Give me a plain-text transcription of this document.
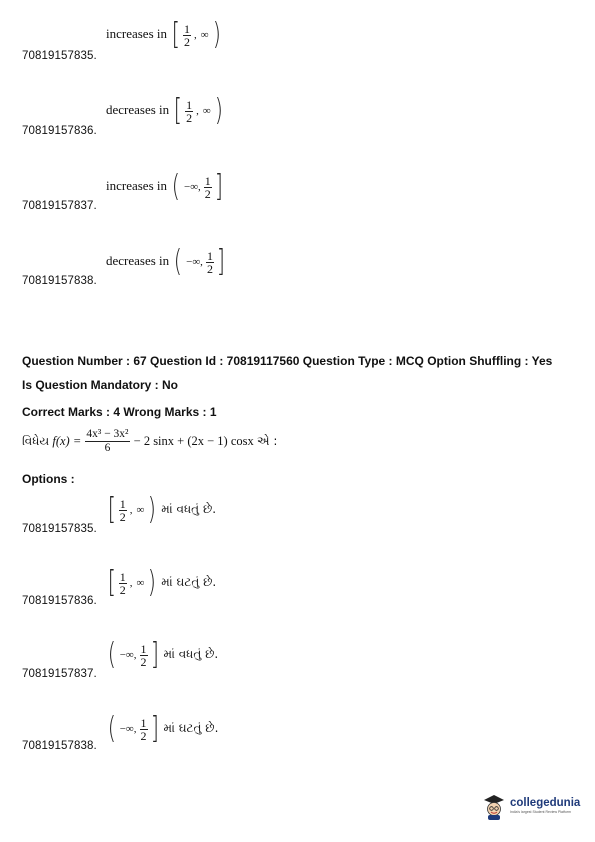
increases in [ $\frac{1}{2}$ , ∞ )
70819157835.
decreases in [ $\frac{1}{2}$ , ∞ )
70819157836.
increases in ( −∞, $\frac{1}{2}$ ]
70819157837.
decreases in ( −∞, $\frac{1}{2}$ ]
70819157838.
Question Number : 67 Question Id : 70819117560 Question Type : MCQ Option Shuffling : Yes
Is Question Mandatory : No
Correct Marks : 4 Wrong Marks : 1
વિધેય
f(x) =
$\frac{\text{4x³ − 3x²}}{6}$
− 2 sinx + (2x − 1) cosx
એ :
Options :
[ $\frac{1}{2}$ , ∞ ) માં વધતું છે.
70819157835.
[ $\frac{1}{2}$ , ∞ ) માં ઘટતું છે.
70819157836.
( −∞, $\frac{1}{2}$ ] માં વધતું છે.
70819157837.
( −∞, $\frac{1}{2}$ ] માં ઘટતું છે.
70819157838.
collegedunia
India's largest Student Review Platform
